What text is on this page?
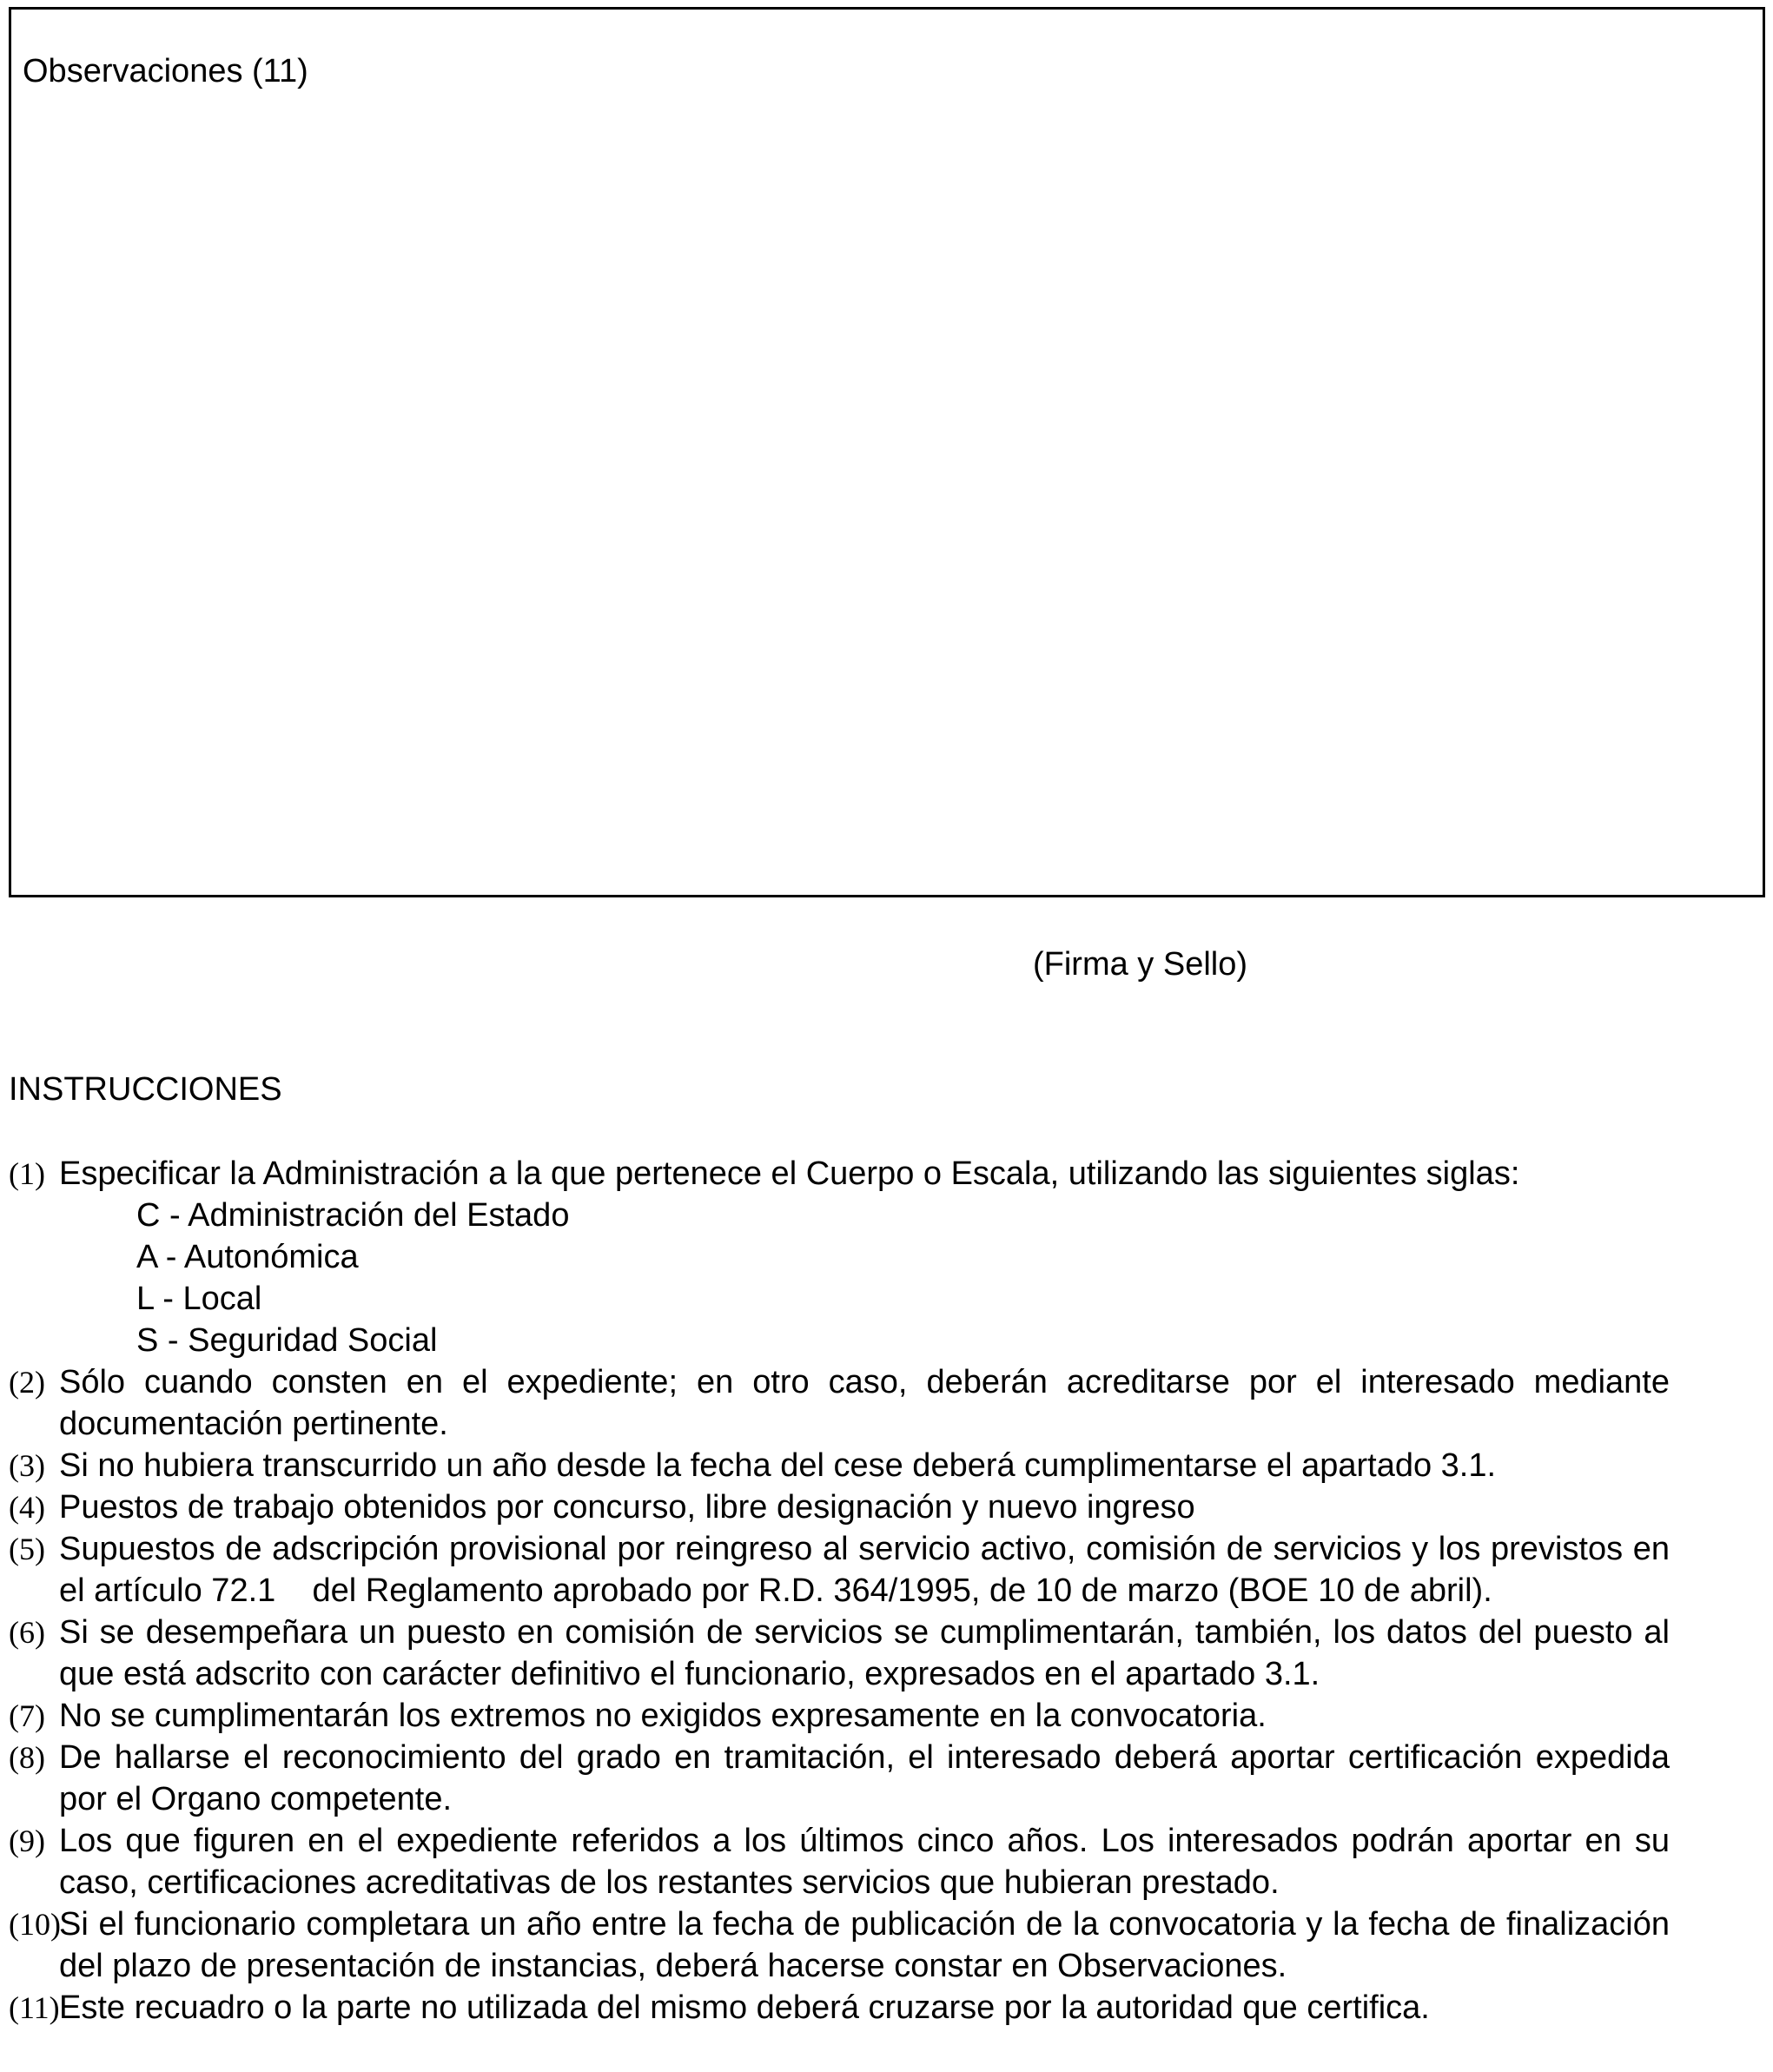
Observaciones (11)
(Firma y Sello)
INSTRUCCIONES
(1) Especificar la Administración a la que pertenece el Cuerpo o Escala, utilizando las siguientes siglas:
C - Administración del Estado
A - Autonómica
L - Local
S - Seguridad Social
(2) Sólo cuando consten en el expediente; en otro caso, deberán acreditarse por el interesado mediante documentación pertinente.
(3) Si no hubiera transcurrido un año desde la fecha del cese deberá cumplimentarse el apartado 3.1.
(4) Puestos de trabajo obtenidos por concurso, libre designación y nuevo ingreso
(5) Supuestos de adscripción provisional por reingreso al servicio activo, comisión de servicios y los previstos en el artículo 72.1    del Reglamento aprobado por R.D. 364/1995, de 10 de marzo (BOE 10 de abril).
(6) Si se desempeñara un puesto en comisión de servicios se cumplimentarán, también, los datos del puesto al que está adscrito con carácter definitivo el funcionario, expresados en el apartado 3.1.
(7) No se cumplimentarán los extremos no exigidos expresamente en la convocatoria.
(8) De hallarse el reconocimiento del grado en tramitación, el interesado deberá aportar certificación expedida por el Organo competente.
(9) Los que figuren en el expediente referidos a los últimos cinco años. Los interesados podrán aportar en su caso, certificaciones acreditativas de los restantes servicios que hubieran prestado.
(10)
Si el funcionario completara un año entre la fecha de publicación de la convocatoria y la fecha de finalización del plazo de presentación de instancias, deberá hacerse constar en Observaciones.
(11) Este recuadro o la parte no utilizada del mismo deberá cruzarse por la autoridad que certifica.
